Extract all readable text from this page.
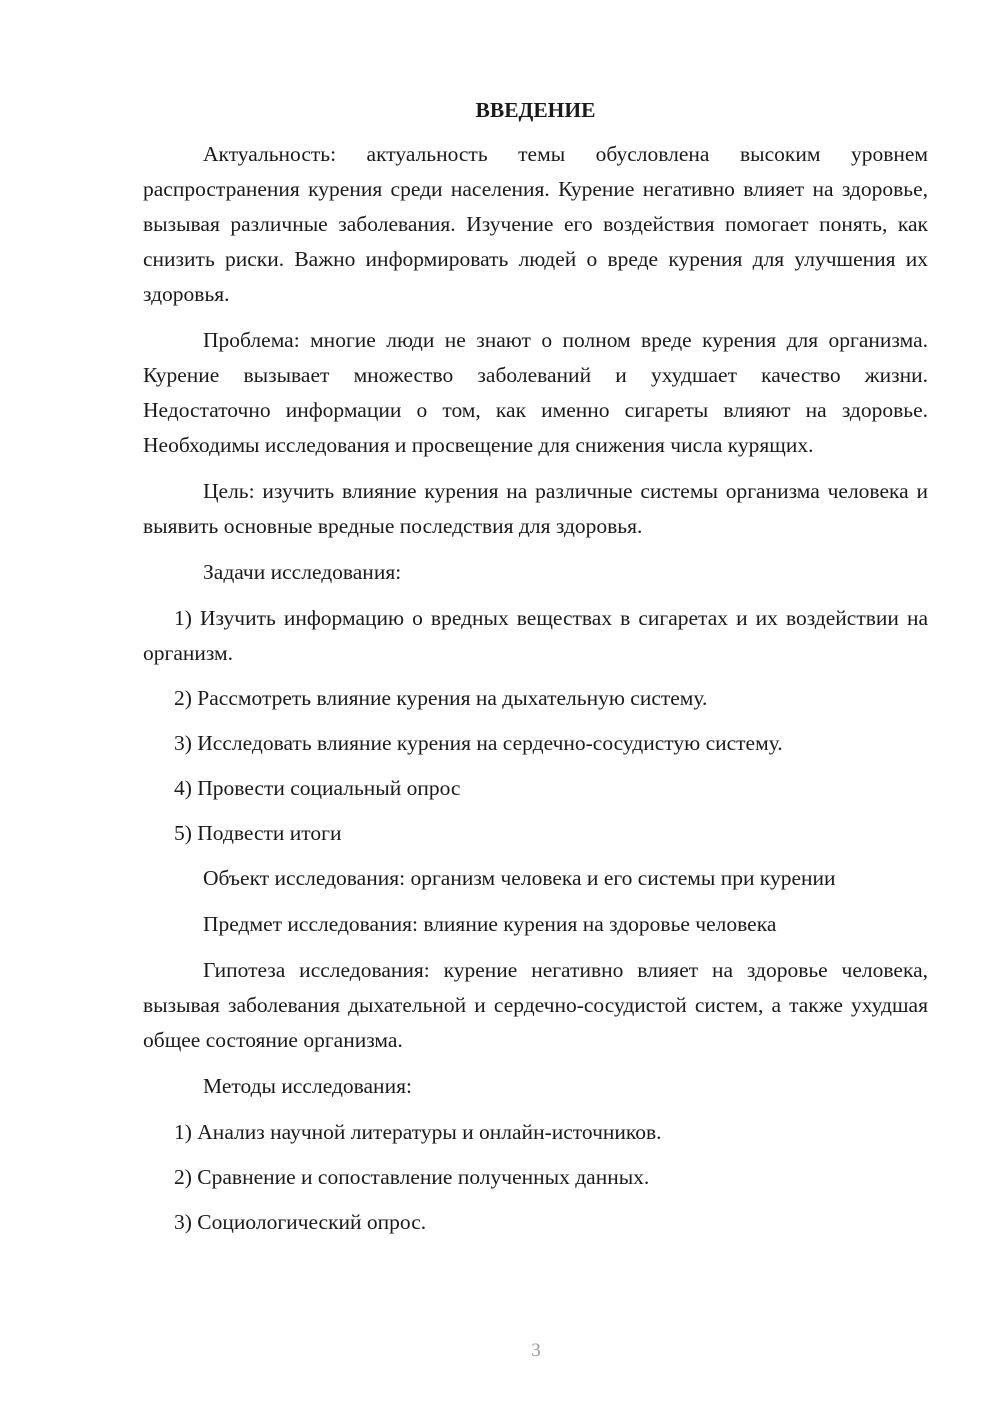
ВВЕДЕНИЕ

Актуальность: актуальность темы обусловлена высоким уровнем распространения курения среди населения. Курение негативно влияет на здоровье, вызывая различные заболевания. Изучение его воздействия помогает понять, как снизить риски. Важно информировать людей о вреде курения для улучшения их здоровья.

Проблема: многие люди не знают о полном вреде курения для организма. Курение вызывает множество заболеваний и ухудшает качество жизни. Недостаточно информации о том, как именно сигареты влияют на здоровье. Необходимы исследования и просвещение для снижения числа курящих.

Цель: изучить влияние курения на различные системы организма человека и выявить основные вредные последствия для здоровья.

Задачи исследования:

1) Изучить информацию о вредных веществах в сигаретах и их воздействии на организм.

2) Рассмотреть влияние курения на дыхательную систему.

3) Исследовать влияние курения на сердечно-сосудистую систему.

4) Провести социальный опрос

5) Подвести итоги

Объект исследования: организм человека и его системы при курении

Предмет исследования: влияние курения на здоровье человека

Гипотеза исследования: курение негативно влияет на здоровье человека, вызывая заболевания дыхательной и сердечно-сосудистой систем, а также ухудшая общее состояние организма.

Методы исследования:

1) Анализ научной литературы и онлайн-источников.

2) Сравнение и сопоставление полученных данных.

3) Социологический опрос.

3
